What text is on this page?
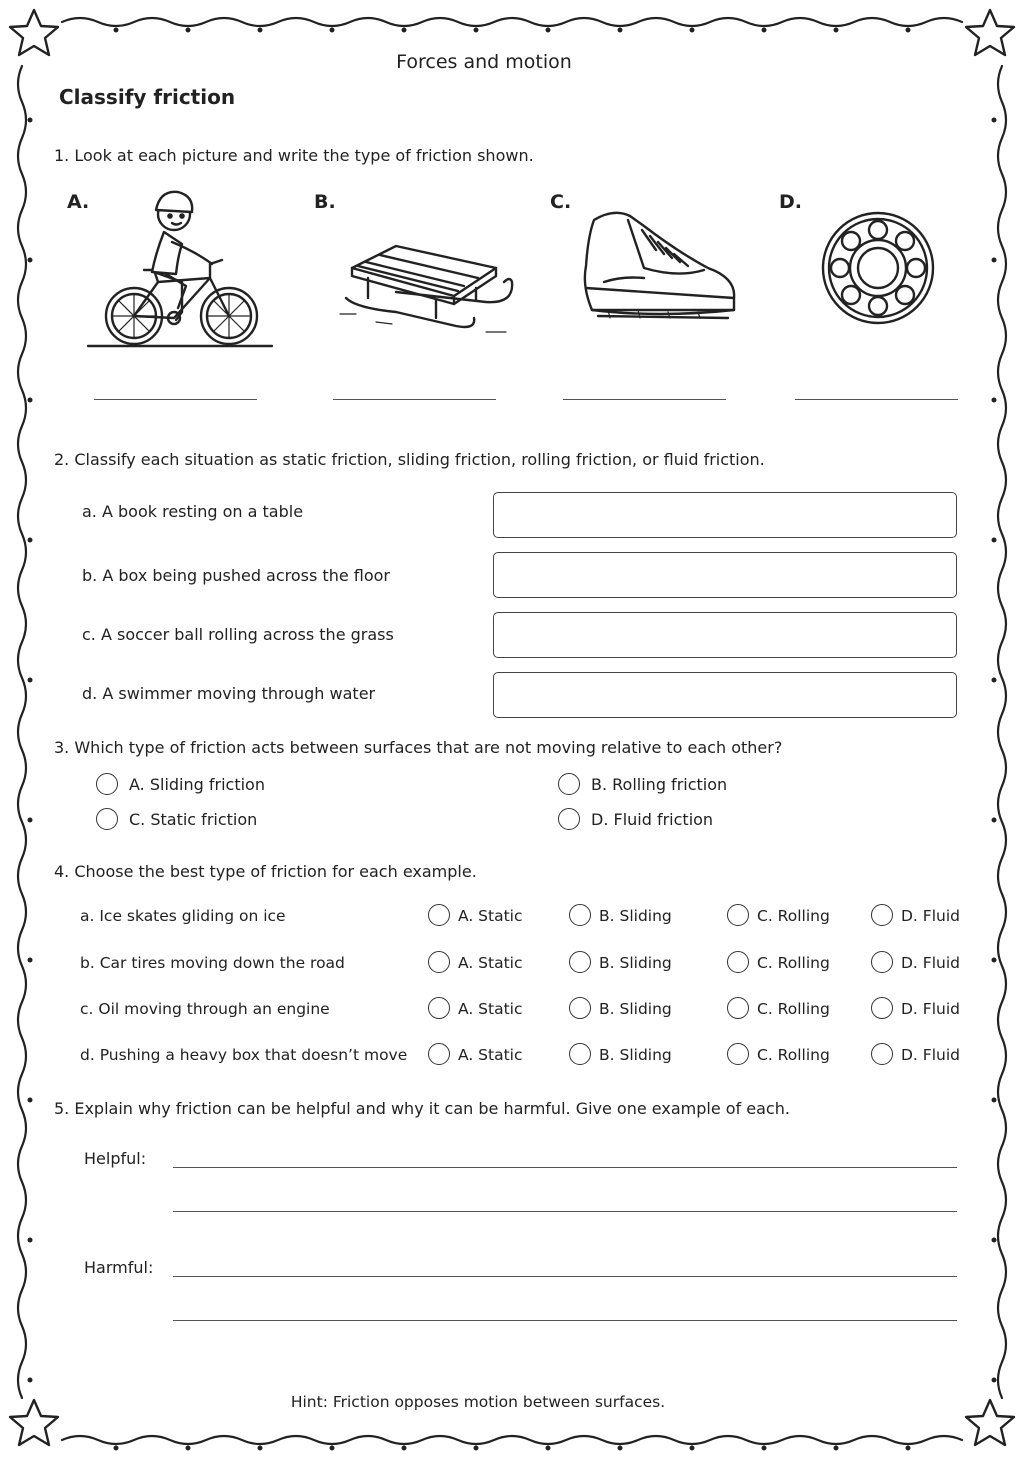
Forces and motion
Classify friction
1. Look at each picture and write the type of friction shown.
A.	B.	C.	D.
2. Classify each situation as static friction, sliding friction, rolling friction, or fluid friction.
a. A book resting on a table
b. A box being pushed across the floor
c. A soccer ball rolling across the grass
d. A swimmer moving through water
3. Which type of friction acts between surfaces that are not moving relative to each other?
A. Sliding friction	B. Rolling friction
C. Static friction	D. Fluid friction
4. Choose the best type of friction for each example.
a. Ice skates gliding on ice	A. Static	B. Sliding	C. Rolling	D. Fluid
b. Car tires moving down the road	A. Static	B. Sliding	C. Rolling	D. Fluid
c. Oil moving through an engine	A. Static	B. Sliding	C. Rolling	D. Fluid
d. Pushing a heavy box that doesn’t move	A. Static	B. Sliding	C. Rolling	D. Fluid
5. Explain why friction can be helpful and why it can be harmful. Give one example of each.
Helpful:
Harmful:
Hint: Friction opposes motion between surfaces.
